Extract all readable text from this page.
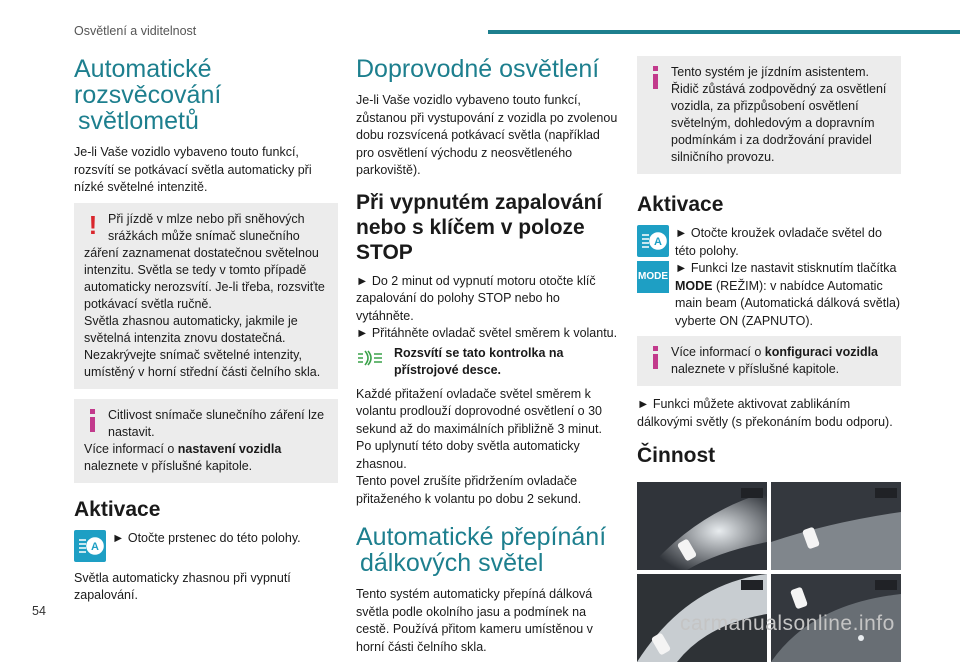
Osvětlení a viditelnost
Automatické rozsvěcování
světlometů

Je-li Vaše vozidlo vybaveno touto funkcí, rozsvítí se potkávací světla automaticky při nízké světelné intenzitě.

! Při jízdě v mlze nebo při sněhových
srážkách může snímač slunečního
záření zaznamenat dostatečnou světelnou intenzitu. Světla se tedy v tomto případě automaticky nerozsvítí. Je-li třeba, rozsviťte potkávací světla ručně.
Světla zhasnou automaticky, jakmile je světelná intenzita znovu dostatečná.
Nezakrývejte snímač světelné intenzity, umístěný v horní střední části čelního skla.
Citlivost snímače slunečního záření lze
nastavit.
Více informací o nastavení vozidla naleznete v příslušné kapitole.
Aktivace
A
► Otočte prstenec do této polohy.

Světla automaticky zhasnou při vypnutí zapalování.

Doprovodné osvětlení

Je-li Vaše vozidlo vybaveno touto funkcí, zůstanou při vystupování z vozidla po zvolenou dobu rozsvícená potkávací světla (například pro osvětlení východu z neosvětleného parkoviště).

Při vypnutém zapalování nebo s klíčem v poloze STOP

► Do 2 minut od vypnutí motoru otočte klíč zapalování do polohy STOP nebo ho vytáhněte.

► Přitáhněte ovladač světel směrem k volantu.

Rozsvítí se tato kontrolka na přístrojové desce.

Každé přitažení ovladače světel směrem k volantu prodlouží doprovodné osvětlení o 30 sekund až do maximálních přibližně 3 minut. Po uplynutí této doby světla automaticky zhasnou.

Tento povel zrušíte přidržením ovladače přitaženého k volantu po dobu 2 sekund.

Automatické přepínání
dálkových světel

Tento systém automaticky přepíná dálková světla podle okolního jasu a podmínek na cestě. Používá přitom kameru umístěnou v horní části čelního skla.

Tento systém je jízdním asistentem.
Řidič zůstává zodpovědný za osvětlení vozidla, za přizpůsobení osvětlení světelným, dohledovým a dopravním podmínkám i za dodržování pravidel silničního provozu.
Aktivace
A
MODE
► Otočte kroužek ovladače světel do této polohy.
► Funkci lze nastavit stisknutím tlačítka MODE (REŽIM): v nabídce Automatic main beam (Automatická dálková světla) vyberte ON (ZAPNUTO).
Více informací o konfiguraci vozidla naleznete v příslušné kapitole.

► Funkci můžete aktivovat zablikáním dálkovými světly (s překonáním bodu odporu).

Činnost
54
carmanualsonline.info
